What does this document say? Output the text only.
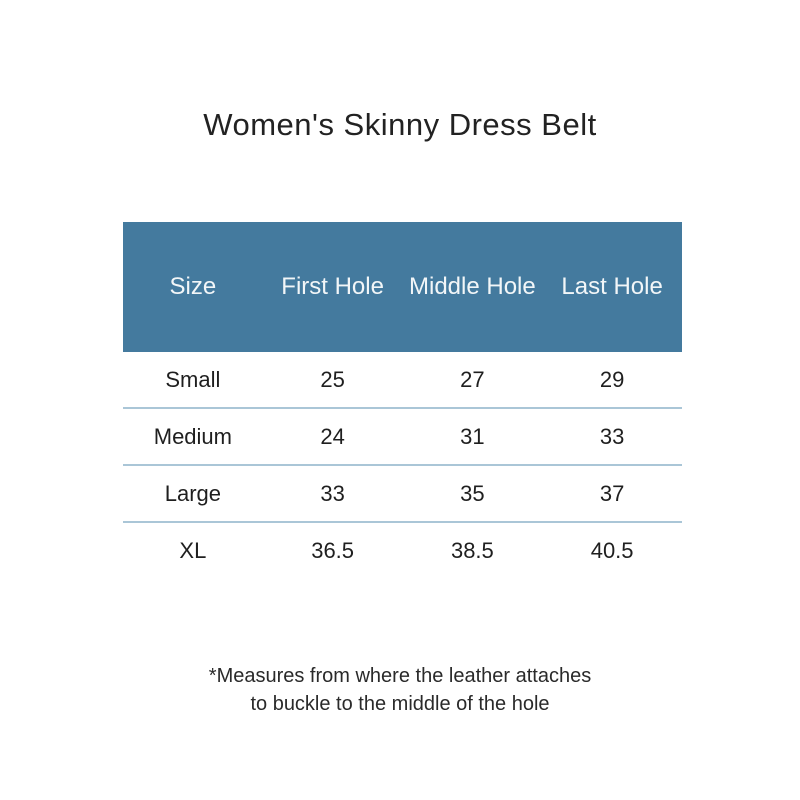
Women's Skinny Dress Belt
Size	First Hole	Middle Hole	Last Hole
Small	25	27	29
Medium	24	31	33
Large	33	35	37
XL	36.5	38.5	40.5
*Measures from where the leather attaches
to buckle to the middle of the hole
